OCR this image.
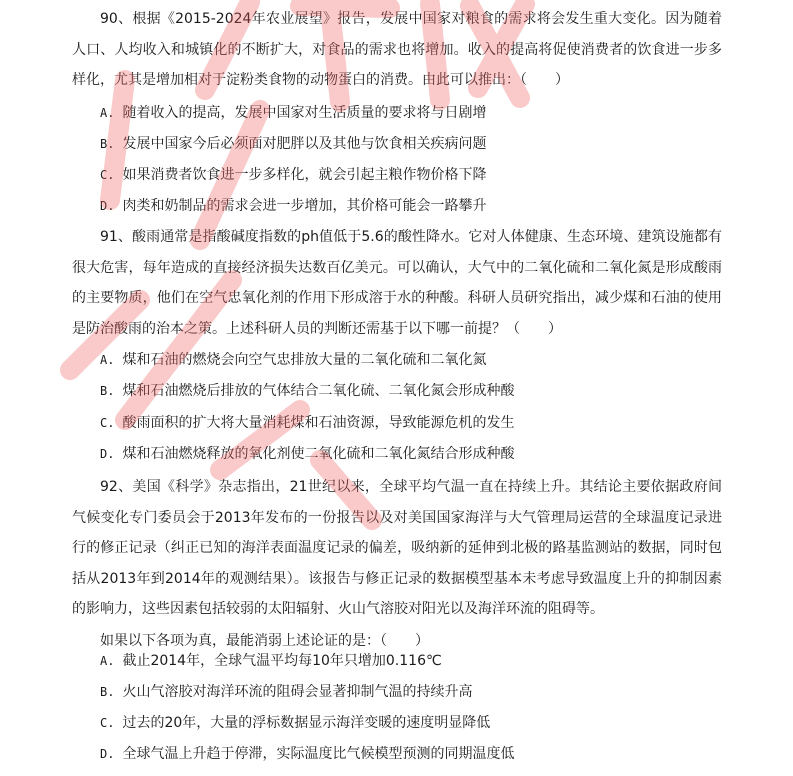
90、根据《2015-2024年农业展望》报告，发展中国家对粮食的需求将会发生重大变化。因为随着人口、人均收入和城镇化的不断扩大，对食品的需求也将增加。收入的提高将促使消费者的饮食进一步多样化，尤其是增加相对于淀粉类食物的动物蛋白的消费。由此可以推出：（　　）

A. 随着收入的提高，发展中国家对生活质量的要求将与日剧增

B. 发展中国家今后必须面对肥胖以及其他与饮食相关疾病问题

C. 如果消费者饮食进一步多样化，就会引起主粮作物价格下降

D. 肉类和奶制品的需求会进一步增加，其价格可能会一路攀升

91、酸雨通常是指酸碱度指数的ph值低于5.6的酸性降水。它对人体健康、生态环境、建筑设施都有很大危害，每年造成的直接经济损失达数百亿美元。可以确认，大气中的二氧化硫和二氧化氮是形成酸雨的主要物质，他们在空气忠氧化剂的作用下形成溶于水的种酸。科研人员研究指出，减少煤和石油的使用是防治酸雨的治本之策。上述科研人员的判断还需基于以下哪一前提？（　　）

A. 煤和石油的燃烧会向空气忠排放大量的二氧化硫和二氧化氮

B. 煤和石油燃烧后排放的气体结合二氧化硫、二氧化氮会形成种酸

C. 酸雨面积的扩大将大量消耗煤和石油资源，导致能源危机的发生

D. 煤和石油燃烧释放的氧化剂使二氧化硫和二氧化氮结合形成种酸

92、美国《科学》杂志指出，21世纪以来，全球平均气温一直在持续上升。其结论主要依据政府间气候变化专门委员会于2013年发布的一份报告以及对美国国家海洋与大气管理局运营的全球温度记录进行的修正记录（纠正已知的海洋表面温度记录的偏差，吸纳新的延伸到北极的路基监测站的数据，同时包括从2013年到2014年的观测结果）。该报告与修正记录的数据模型基本未考虑导致温度上升的抑制因素的影响力，这些因素包括较弱的太阳辐射、火山气溶胶对阳光以及海洋环流的阻碍等。

如果以下各项为真，最能消弱上述论证的是：（　　）

A. 截止2014年，全球气温平均每10年只增加0.116℃

B. 火山气溶胶对海洋环流的阻碍会显著抑制气温的持续升高

C. 过去的20年，大量的浮标数据显示海洋变暖的速度明显降低

D. 全球气温上升趋于停滞，实际温度比气候模型预测的同期温度低
